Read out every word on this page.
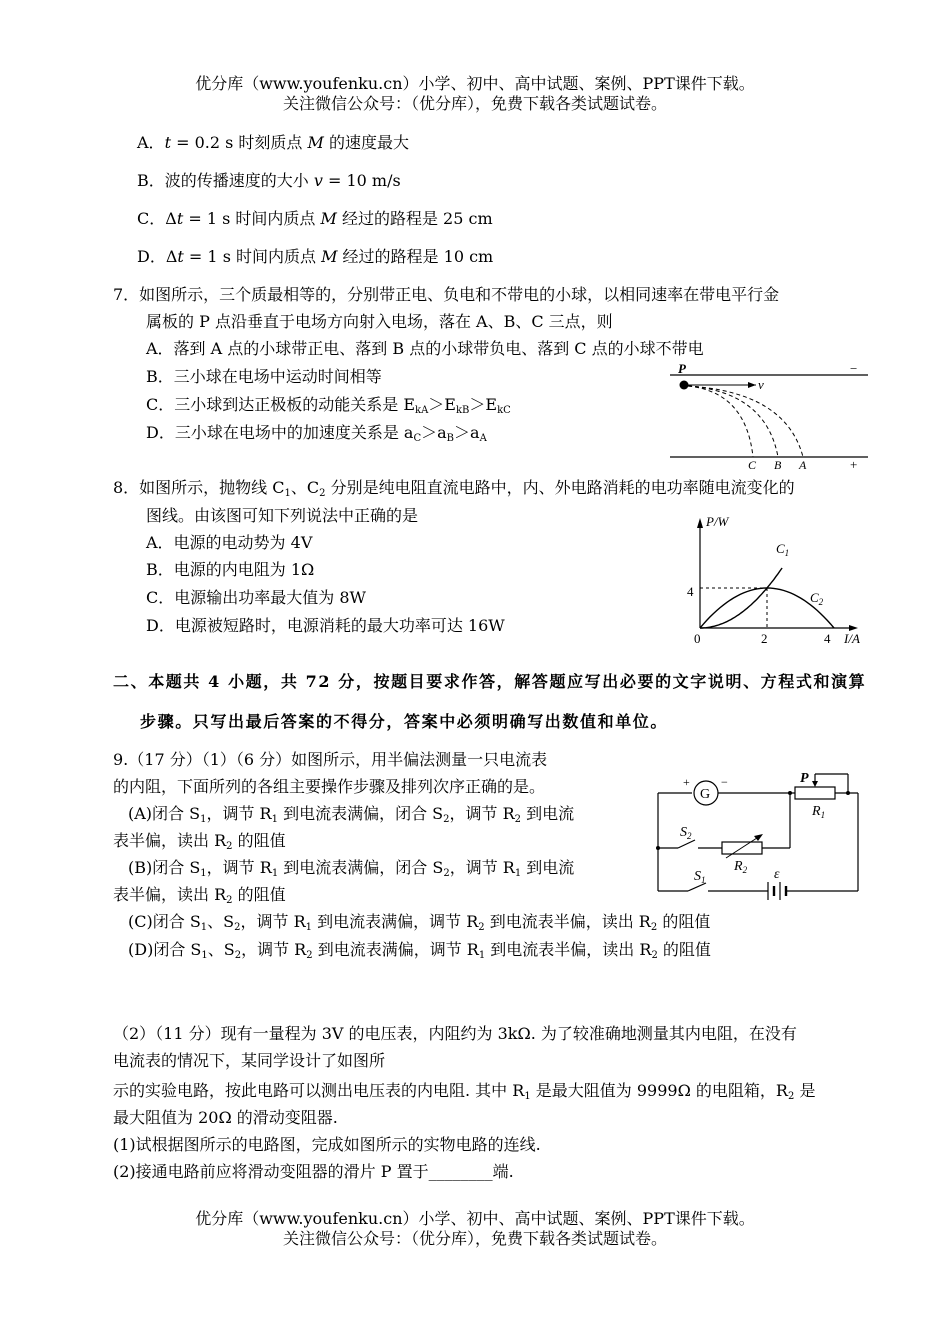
优分库（www.youfenku.cn）小学、初中、高中试题、案例、PPT课件下载。
关注微信公众号：（优分库），免费下载各类试题试卷。
A．t = 0.2 s 时刻质点 M 的速度最大
B．波的传播速度的大小 v = 10 m/s
C．Δt = 1 s 时间内质点 M 经过的路程是 25 cm
D．Δt = 1 s 时间内质点 M 经过的路程是 10 cm
7．如图所示，三个质最相等的，分别带正电、负电和不带电的小球，以相同速率在带电平行金
属板的 P 点沿垂直于电场方向射入电场，落在 A、B、C 三点，则
A．落到 A 点的小球带正电、落到 B 点的小球带负电、落到 C 点的小球不带电
B．三小球在电场中运动时间相等
C．三小球到达正极板的动能关系是 $E_{kA}>E_{kB}>E_{kC}$
D．三小球在电场中的加速度关系是 $a_C>a_B>a_A$
P
v
−
+
C B A
8．如图所示，抛物线 $C_1$、$C_2$ 分别是纯电阻直流电路中，内、外电路消耗的电功率随电流变化的
图线。由该图可知下列说法中正确的是
A．电源的电动势为 4V
B．电源的内电阻为 1Ω
C．电源输出功率最大值为 8W
D．电源被短路时，电源消耗的最大功率可达 16W
P/W
I/A
4
0	2	4
$C_1$
$C_2$
二、本题共 4 小题，共 72 分，按题目要求作答，解答题应写出必要的文字说明、方程式和演算
步骤。只写出最后答案的不得分，答案中必须明确写出数值和单位。
9.（17 分）（1）（6 分）如图所示，用半偏法测量一只电流表
的内阻，下面所列的各组主要操作步骤及排列次序正确的是。
(A)闭合 $S_1$，调节 $R_1$ 到电流表满偏，闭合 $S_2$，调节 $R_2$ 到电流
表半偏，读出 $R_2$ 的阻值
(B)闭合 $S_1$，调节 $R_1$ 到电流表满偏，闭合 $S_2$，调节 $R_1$ 到电流
表半偏，读出 $R_2$ 的阻值
(C)闭合 $S_1$、$S_2$，调节 $R_1$ 到电流表满偏，调节 $R_2$ 到电流表半偏，读出 $R_2$ 的阻值
(D)闭合 $S_1$、$S_2$，调节 $R_2$ 到电流表满偏，调节 $R_1$ 到电流表半偏，读出 $R_2$ 的阻值
G
+	−	P
$R_1$
$S_2$
$R_2$
$S_1$	ε
（2）（11 分）现有一量程为 3V 的电压表，内阻约为 3kΩ. 为了较准确地测量其内电阻，在没有
电流表的情况下，某同学设计了如图所
示的实验电路，按此电路可以测出电压表的内电阻. 其中 $R_1$ 是最大阻值为 9999Ω 的电阻箱，$R_2$ 是
最大阻值为 20Ω 的滑动变阻器.
(1)试根据图所示的电路图，完成如图所示的实物电路的连线.
(2)接通电路前应将滑动变阻器的滑片 P 置于________端.
优分库（www.youfenku.cn）小学、初中、高中试题、案例、PPT课件下载。
关注微信公众号：（优分库），免费下载各类试题试卷。
